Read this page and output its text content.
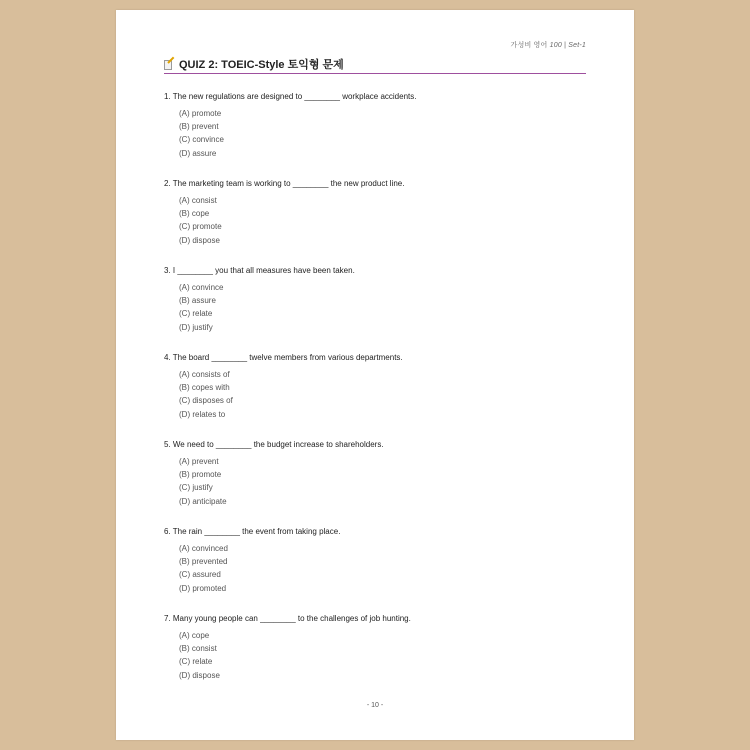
가성비 영어 100 | Set-1
QUIZ 2: TOEIC-Style 토익형 문제

1. The new regulations are designed to ________ workplace accidents.

(A) promote
(B) prevent
(C) convince
(D) assure

2. The marketing team is working to ________ the new product line.

(A) consist
(B) cope
(C) promote
(D) dispose

3. I ________ you that all measures have been taken.

(A) convince
(B) assure
(C) relate
(D) justify

4. The board ________ twelve members from various departments.

(A) consists of
(B) copes with
(C) disposes of
(D) relates to

5. We need to ________ the budget increase to shareholders.

(A) prevent
(B) promote
(C) justify
(D) anticipate

6. The rain ________ the event from taking place.

(A) convinced
(B) prevented
(C) assured
(D) promoted

7. Many young people can ________ to the challenges of job hunting.

(A) cope
(B) consist
(C) relate
(D) dispose
- 10 -
